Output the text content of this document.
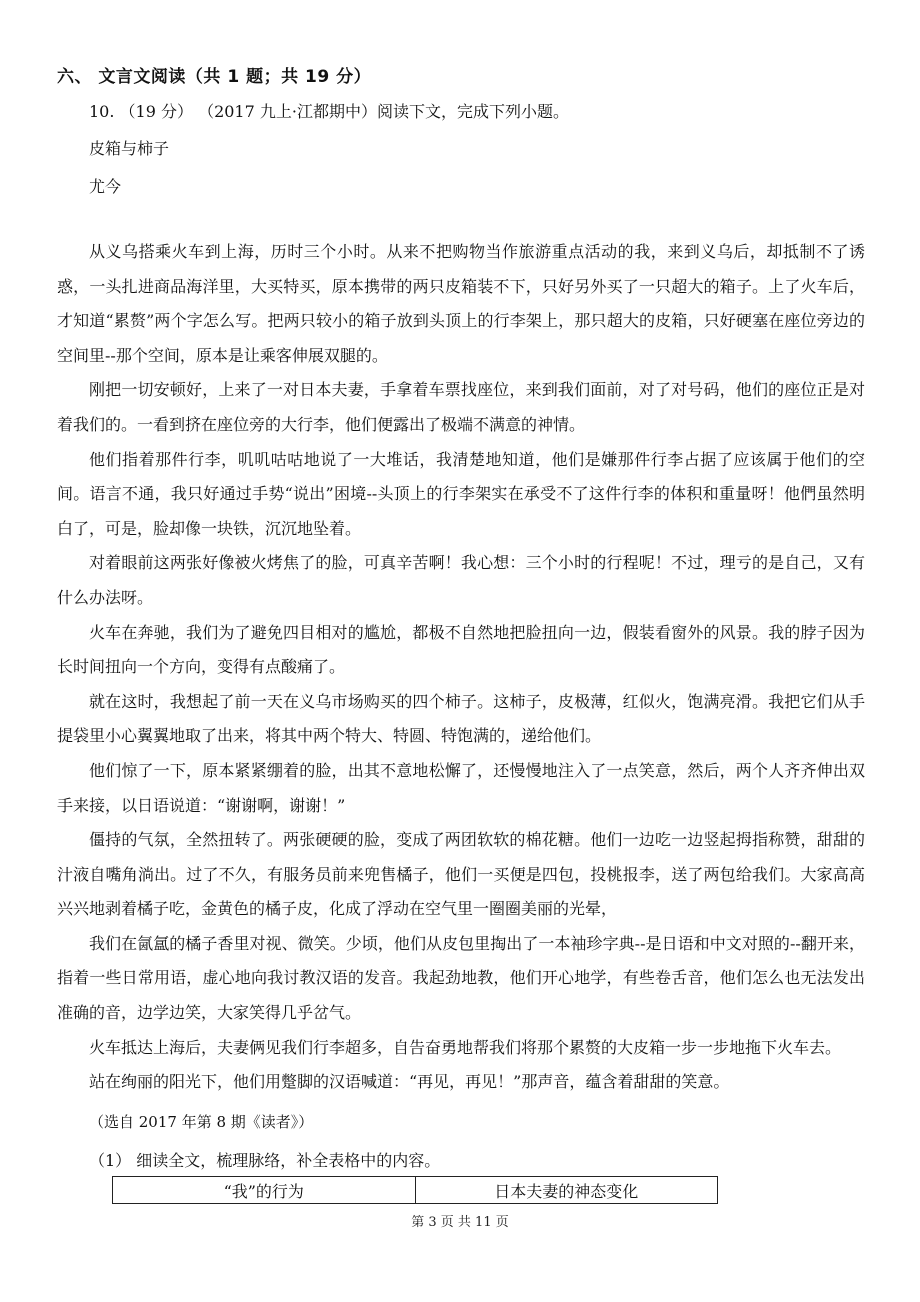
六、 文言文阅读（共 1 题；共 19 分）
10. （19 分） （2017 九上·江都期中）阅读下文，完成下列小题。
皮箱与柿子
尤今

从义乌搭乘火车到上海，历时三个小时。从来不把购物当作旅游重点活动的我，来到义乌后，却抵制不了诱惑，一头扎进商品海洋里，大买特买，原本携带的两只皮箱装不下，只好另外买了一只超大的箱子。上了火车后，才知道“累赘”两个字怎么写。把两只较小的箱子放到头顶上的行李架上，那只超大的皮箱，只好硬塞在座位旁边的空间里--那个空间，原本是让乘客伸展双腿的。

刚把一切安顿好，上来了一对日本夫妻，手拿着车票找座位，来到我们面前，对了对号码，他们的座位正是对着我们的。一看到挤在座位旁的大行李，他们便露出了极端不满意的神情。

他们指着那件行李，叽叽咕咕地说了一大堆话，我清楚地知道，他们是嫌那件行李占据了应该属于他们的空间。语言不通，我只好通过手势“说出”困境--头顶上的行李架实在承受不了这件行李的体积和重量呀！他們虽然明白了，可是，脸却像一块铁，沉沉地坠着。

对着眼前这两张好像被火烤焦了的脸，可真辛苦啊！我心想：三个小时的行程呢！不过，理亏的是自己，又有什么办法呀。

火车在奔驰，我们为了避免四目相对的尴尬，都极不自然地把脸扭向一边，假装看窗外的风景。我的脖子因为长时间扭向一个方向，变得有点酸痛了。

就在这时，我想起了前一天在义乌市场购买的四个柿子。这柿子，皮极薄，红似火，饱满亮滑。我把它们从手提袋里小心翼翼地取了出来，将其中两个特大、特圆、特饱满的，递给他们。

他们惊了一下，原本紧紧绷着的脸，出其不意地松懈了，还慢慢地注入了一点笑意，然后，两个人齐齐伸出双手来接，以日语说道：“谢谢啊，谢谢！”

僵持的气氛，全然扭转了。两张硬硬的脸，变成了两团软软的棉花糖。他们一边吃一边竖起拇指称赞，甜甜的汁液自嘴角淌出。过了不久，有服务员前来兜售橘子，他们一买便是四包，投桃报李，送了两包给我们。大家高高兴兴地剥着橘子吃，金黄色的橘子皮，化成了浮动在空气里一圈圈美丽的光晕，

我们在氤氲的橘子香里对视、微笑。少顷，他们从皮包里掏出了一本袖珍字典--是日语和中文对照的--翻开来，指着一些日常用语，虚心地向我讨教汉语的发音。我起劲地教，他们开心地学，有些卷舌音，他们怎么也无法发出准确的音，边学边笑，大家笑得几乎岔气。

火车抵达上海后，夫妻俩见我们行李超多，自告奋勇地帮我们将那个累赘的大皮箱一步一步地拖下火车去。

站在绚丽的阳光下，他们用蹩脚的汉语喊道：“再见，再见！”那声音，蕴含着甜甜的笑意。

（选自 2017 年第 8 期《读者》）
（1） 细读全文，梳理脉络，补全表格中的内容。
“我”的行为	日本夫妻的神态变化
第 3 页 共 11 页
